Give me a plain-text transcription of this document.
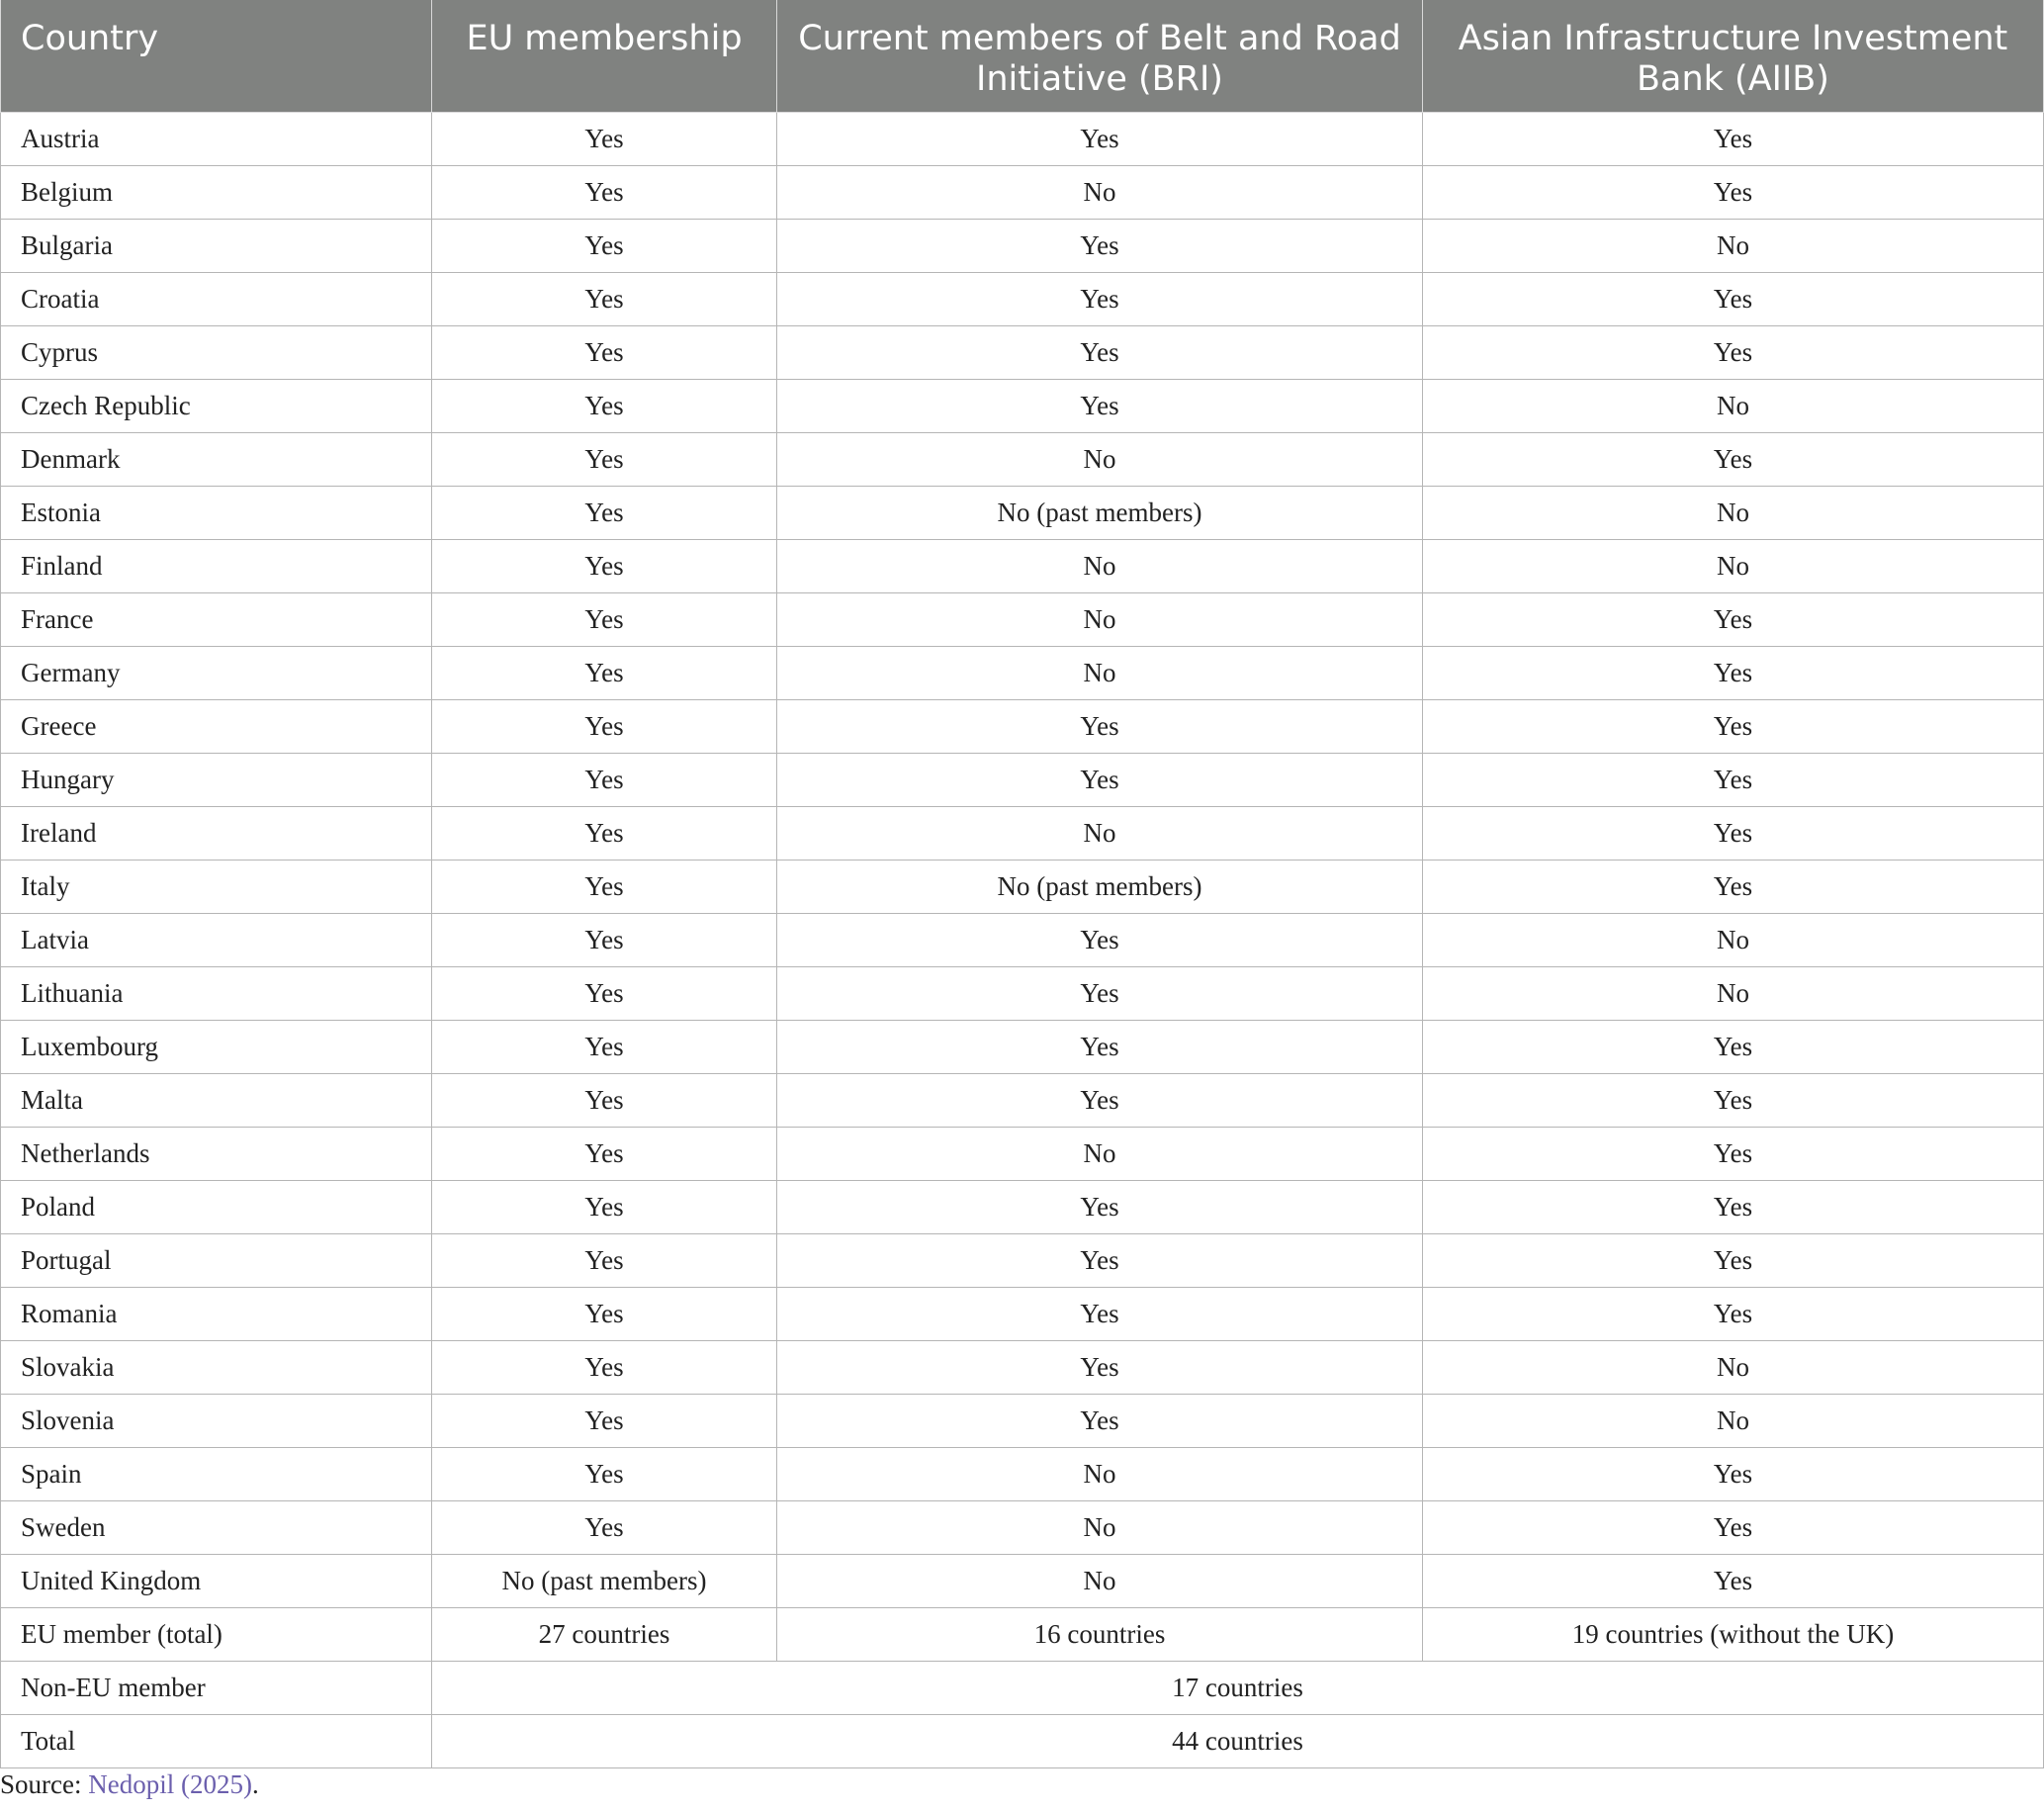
Country	EU membership	Current members of Belt and Road Initiative (BRI)	Asian Infrastructure Investment Bank (AIIB)
Austria	Yes	Yes	Yes
Belgium	Yes	No	Yes
Bulgaria	Yes	Yes	No
Croatia	Yes	Yes	Yes
Cyprus	Yes	Yes	Yes
Czech Republic	Yes	Yes	No
Denmark	Yes	No	Yes
Estonia	Yes	No (past members)	No
Finland	Yes	No	No
France	Yes	No	Yes
Germany	Yes	No	Yes
Greece	Yes	Yes	Yes
Hungary	Yes	Yes	Yes
Ireland	Yes	No	Yes
Italy	Yes	No (past members)	Yes
Latvia	Yes	Yes	No
Lithuania	Yes	Yes	No
Luxembourg	Yes	Yes	Yes
Malta	Yes	Yes	Yes
Netherlands	Yes	No	Yes
Poland	Yes	Yes	Yes
Portugal	Yes	Yes	Yes
Romania	Yes	Yes	Yes
Slovakia	Yes	Yes	No
Slovenia	Yes	Yes	No
Spain	Yes	No	Yes
Sweden	Yes	No	Yes
United Kingdom	No (past members)	No	Yes
EU member (total)	27 countries	16 countries	19 countries (without the UK)
Non-EU member	17 countries		
Total	44 countries		
Source: Nedopil (2025).
